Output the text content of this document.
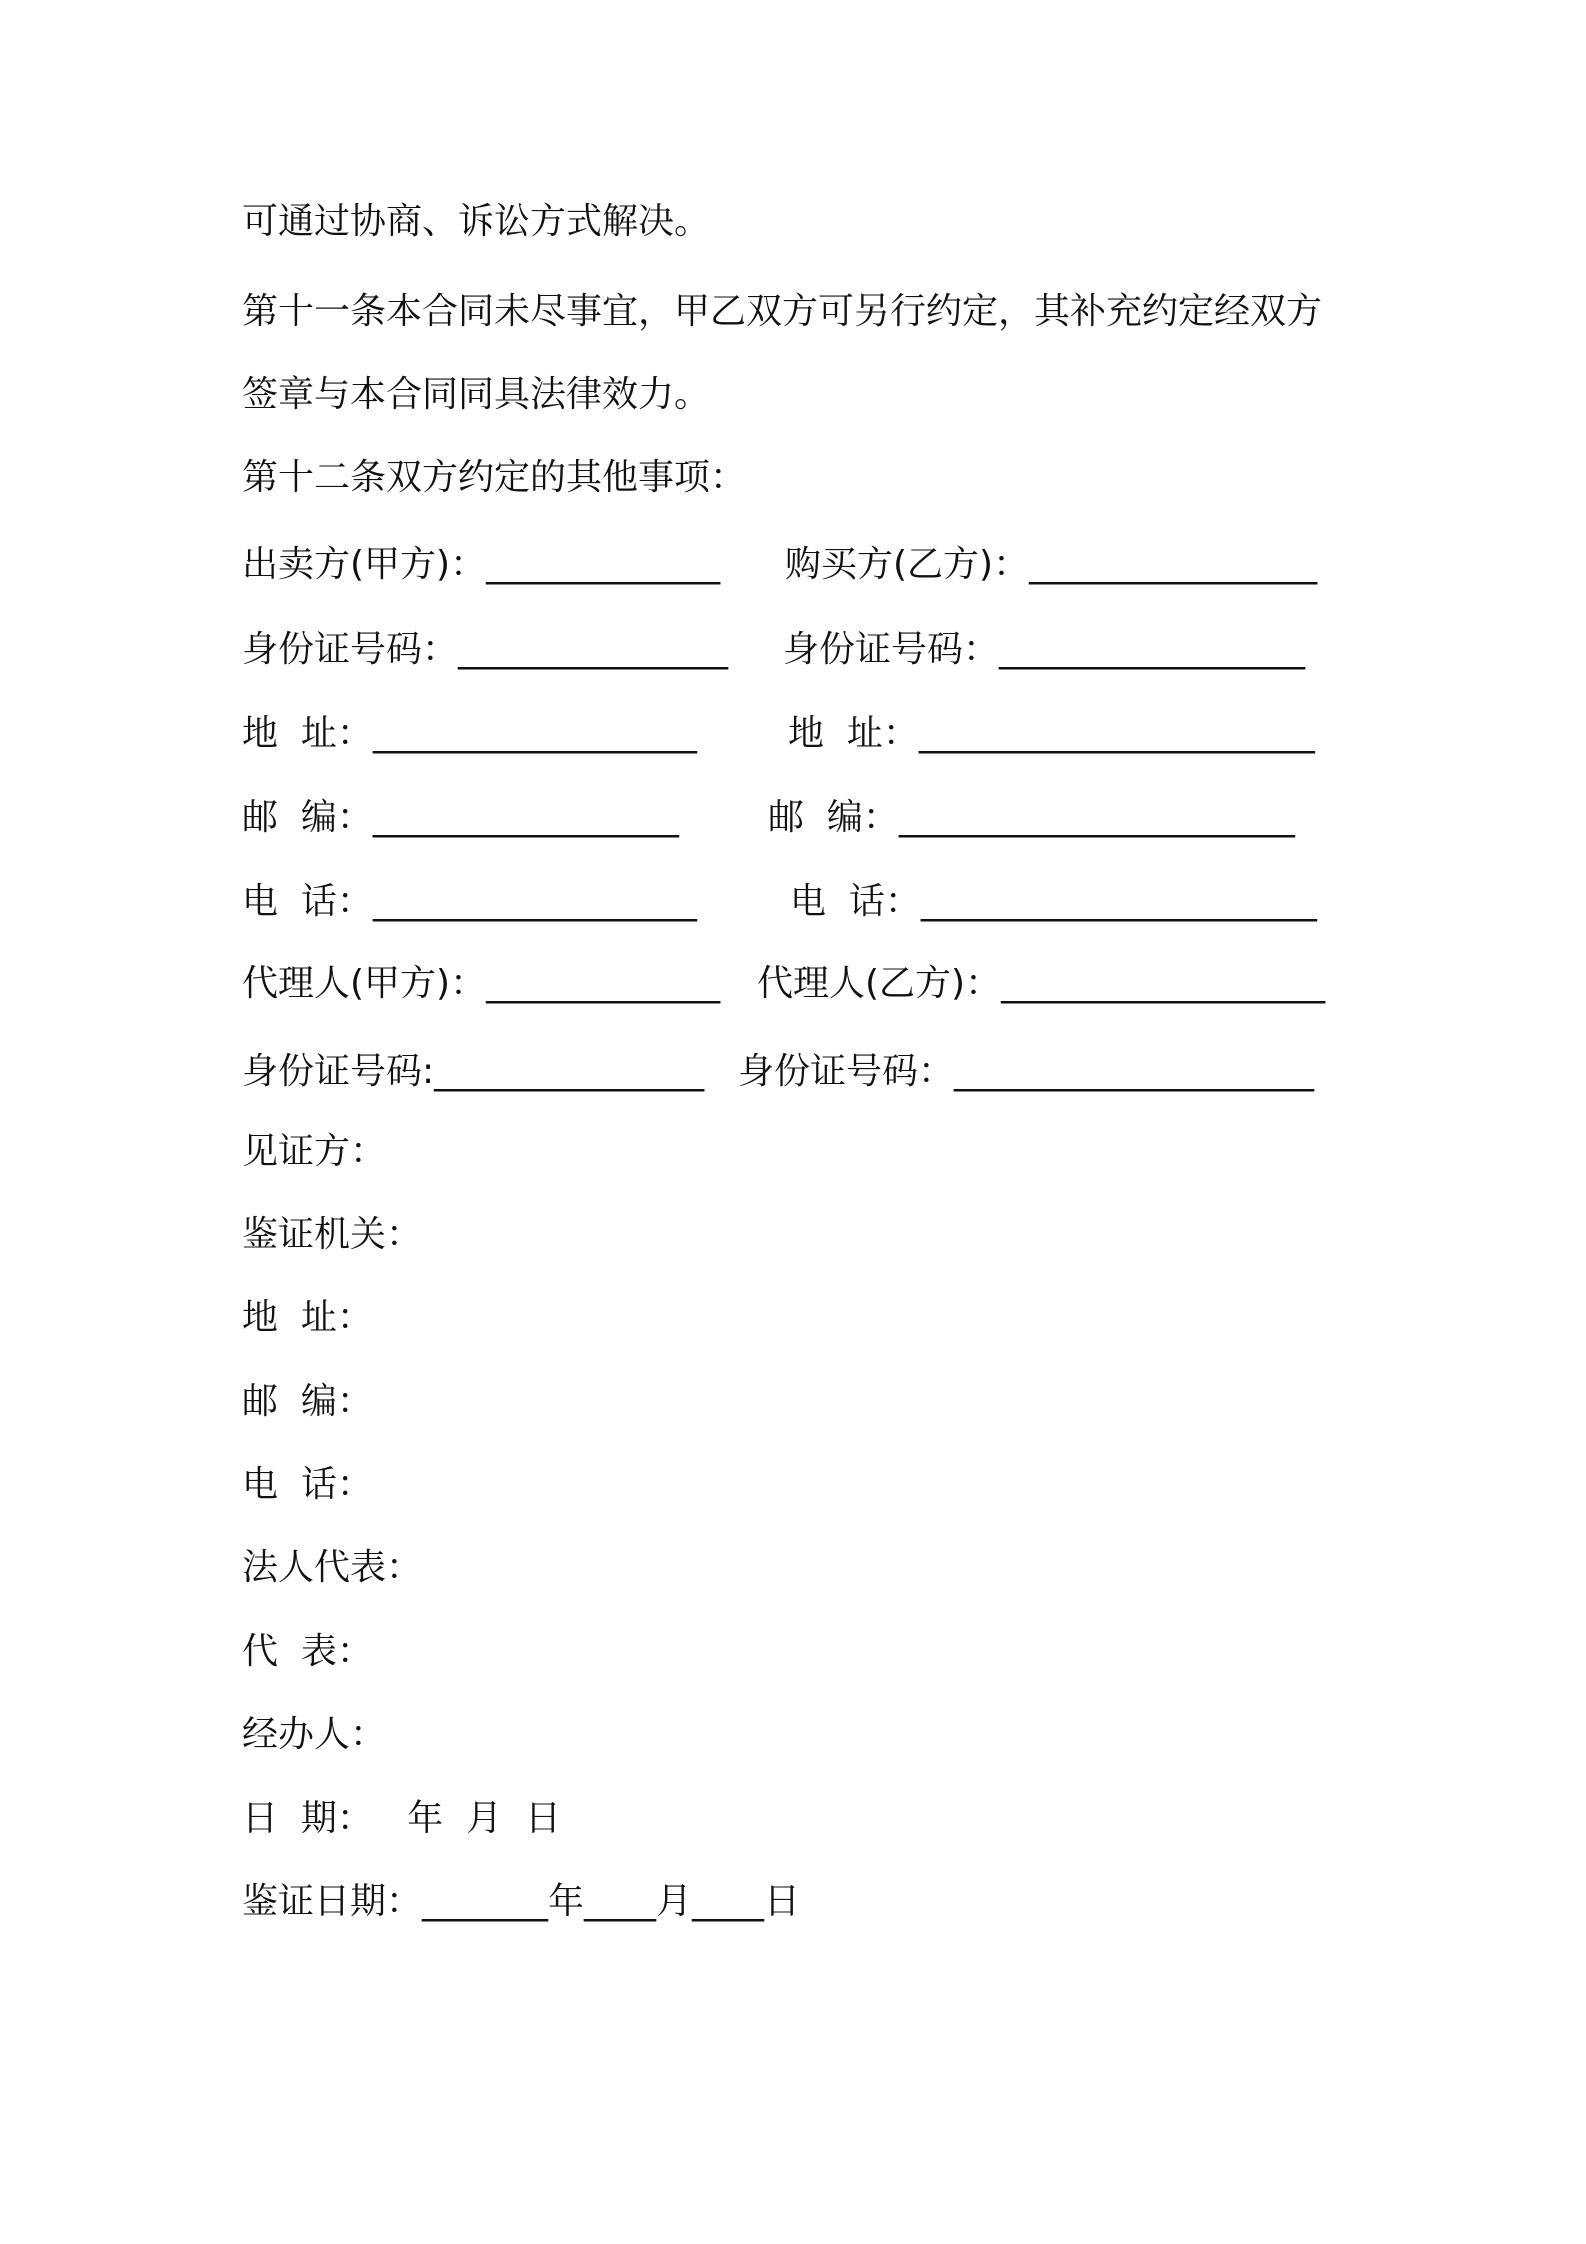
可通过协商、诉讼方式解决。
第十一条本合同未尽事宜，甲乙双方可另行约定，其补充约定经双方
签章与本合同同具法律效力。
第十二条双方约定的其他事项：
出卖方(甲方)：_____________ 购买方(乙方)：________________
身份证号码：_______________ 身份证号码：_________________
地  址：__________________	地  址：______________________
邮  编：_________________ 邮  编：______________________
电  话：__________________	电  话：______________________
代理人(甲方)：_____________ 代理人(乙方)：__________________
身份证号码:_______________ 身份证号码：____________________
见证方：
鉴证机关：
地  址：
邮  编：
电  话：
法人代表：
代  表：
经办人：
日  期：   年  月  日
鉴证日期：_______年____月____日
